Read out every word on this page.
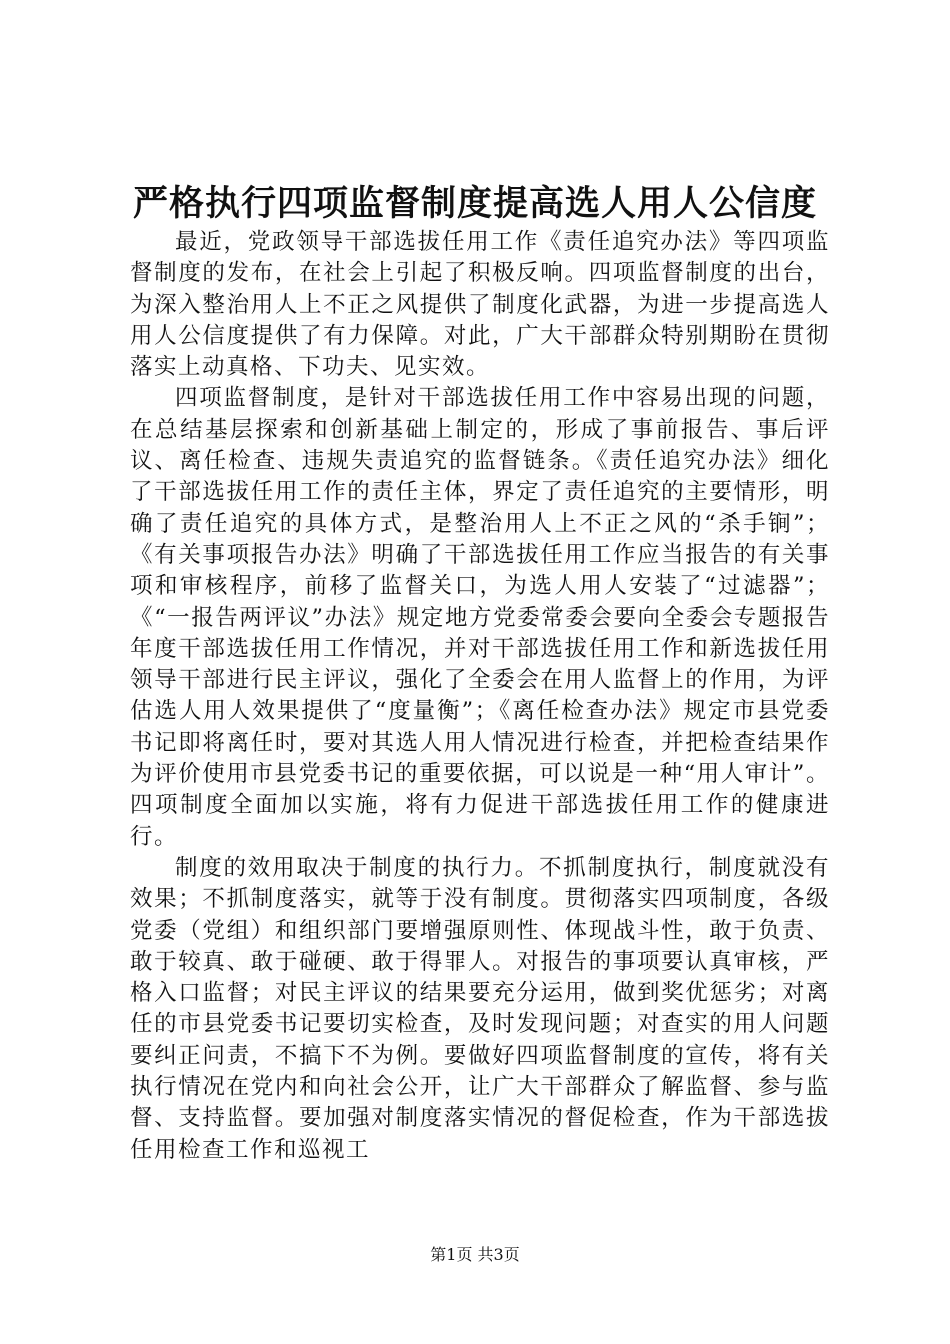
严格执行四项监督制度提高选人用人公信度

最近，党政领导干部选拔任用工作《责任追究办法》等四项监督制度的发布，在社会上引起了积极反响。四项监督制度的出台，为深入整治用人上不正之风提供了制度化武器，为进一步提高选人用人公信度提供了有力保障。对此，广大干部群众特别期盼在贯彻落实上动真格、下功夫、见实效。

四项监督制度，是针对干部选拔任用工作中容易出现的问题，在总结基层探索和创新基础上制定的，形成了事前报告、事后评议、离任检查、违规失责追究的监督链条。《责任追究办法》细化了干部选拔任用工作的责任主体，界定了责任追究的主要情形，明确了责任追究的具体方式，是整治用人上不正之风的“杀手锏”；《有关事项报告办法》明确了干部选拔任用工作应当报告的有关事项和审核程序，前移了监督关口，为选人用人安装了“过滤器”；《“一报告两评议”办法》规定地方党委常委会要向全委会专题报告年度干部选拔任用工作情况，并对干部选拔任用工作和新选拔任用领导干部进行民主评议，强化了全委会在用人监督上的作用，为评估选人用人效果提供了“度量衡”；《离任检查办法》规定市县党委书记即将离任时，要对其选人用人情况进行检查，并把检查结果作为评价使用市县党委书记的重要依据，可以说是一种“用人审计”。四项制度全面加以实施，将有力促进干部选拔任用工作的健康进行。

制度的效用取决于制度的执行力。不抓制度执行，制度就没有效果；不抓制度落实，就等于没有制度。贯彻落实四项制度，各级党委（党组）和组织部门要增强原则性、体现战斗性，敢于负责、敢于较真、敢于碰硬、敢于得罪人。对报告的事项要认真审核，严格入口监督；对民主评议的结果要充分运用，做到奖优惩劣；对离任的市县党委书记要切实检查，及时发现问题；对查实的用人问题要纠正问责，不搞下不为例。要做好四项监督制度的宣传，将有关执行情况在党内和向社会公开，让广大干部群众了解监督、参与监督、支持监督。要加强对制度落实情况的督促检查，作为干部选拔任用检查工作和巡视工

第1页 共3页
